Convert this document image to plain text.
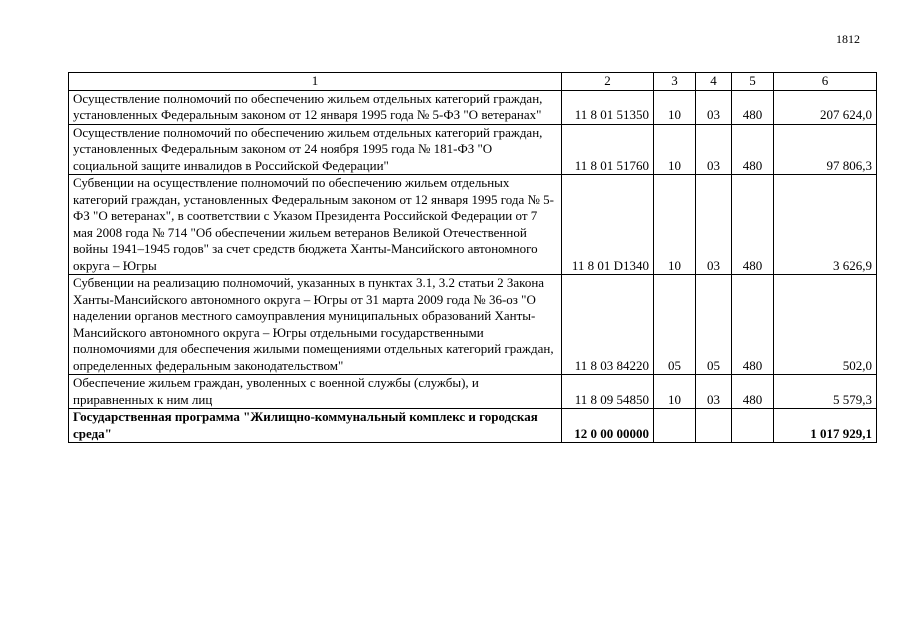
1812
1	2	3	4	5	6
Осуществление полномочий по обеспечению жильем отдельных категорий граждан, установленных Федеральным законом от 12 января 1995 года № 5-ФЗ "О ветеранах"	11 8 01 51350	10	03	480	207 624,0
Осуществление полномочий по обеспечению жильем отдельных категорий граждан, установленных Федеральным законом от 24 ноября 1995 года № 181-ФЗ "О социальной защите инвалидов в Российской Федерации"	11 8 01 51760	10	03	480	97 806,3
Субвенции на осуществление полномочий по обеспечению жильем отдельных категорий граждан, установленных Федеральным законом от 12 января 1995 года № 5-ФЗ "О ветеранах", в соответствии с Указом Президента Российской Федерации от 7 мая 2008 года № 714 "Об обеспечении жильем ветеранов Великой Отечественной войны 1941–1945 годов" за счет средств бюджета Ханты-Мансийского автономного округа – Югры	11 8 01 D1340	10	03	480	3 626,9
Субвенции на реализацию полномочий, указанных в пунктах 3.1, 3.2 статьи 2 Закона Ханты-Мансийского автономного округа – Югры от 31 марта 2009 года № 36-оз "О наделении органов местного самоуправления муниципальных образований Ханты-Мансийского автономного округа – Югры отдельными государственными полномочиями для обеспечения жилыми помещениями отдельных категорий граждан, определенных федеральным законодательством"	11 8 03 84220	05	05	480	502,0
Обеспечение жильем граждан, уволенных с военной службы (службы), и приравненных к ним лиц	11 8 09 54850	10	03	480	5 579,3
Государственная программа "Жилищно-коммунальный комплекс и городская среда"	12 0 00 00000				1 017 929,1
